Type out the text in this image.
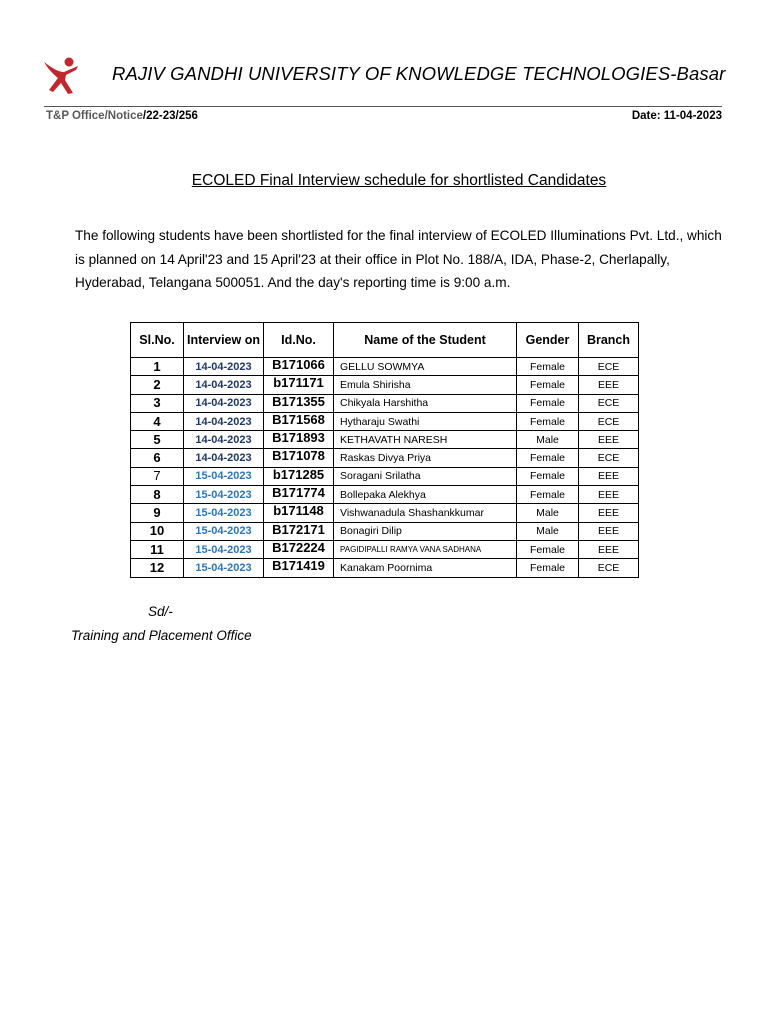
RAJIV GANDHI UNIVERSITY OF KNOWLEDGE TECHNOLOGIES-Basar
T&P Office/Notice/22-23/256	Date: 11-04-2023
ECOLED Final Interview schedule for shortlisted Candidates
The following students have been shortlisted for the final interview of ECOLED Illuminations Pvt. Ltd., which is planned on 14 April'23 and 15 April'23 at their office in Plot No. 188/A, IDA, Phase-2, Cherlapally, Hyderabad, Telangana 500051. And the day's reporting time is 9:00 a.m.
Sl.No.	Interview on	Id.No.	Name of the Student	Gender	Branch
1	14-04-2023	B171066	GELLU SOWMYA	Female	ECE
2	14-04-2023	b171171	Emula Shirisha	Female	EEE
3	14-04-2023	B171355	Chikyala Harshitha	Female	ECE
4	14-04-2023	B171568	Hytharaju Swathi	Female	ECE
5	14-04-2023	B171893	KETHAVATH NARESH	Male	EEE
6	14-04-2023	B171078	Raskas Divya Priya	Female	ECE
7	15-04-2023	b171285	Soragani Srilatha	Female	EEE
8	15-04-2023	B171774	Bollepaka Alekhya	Female	EEE
9	15-04-2023	b171148	Vishwanadula Shashankkumar	Male	EEE
10	15-04-2023	B172171	Bonagiri Dilip	Male	EEE
11	15-04-2023	B172224	PAGIDIPALLI RAMYA VANA SADHANA	Female	EEE
12	15-04-2023	B171419	Kanakam Poornima	Female	ECE
Sd/-
Training and Placement Office
